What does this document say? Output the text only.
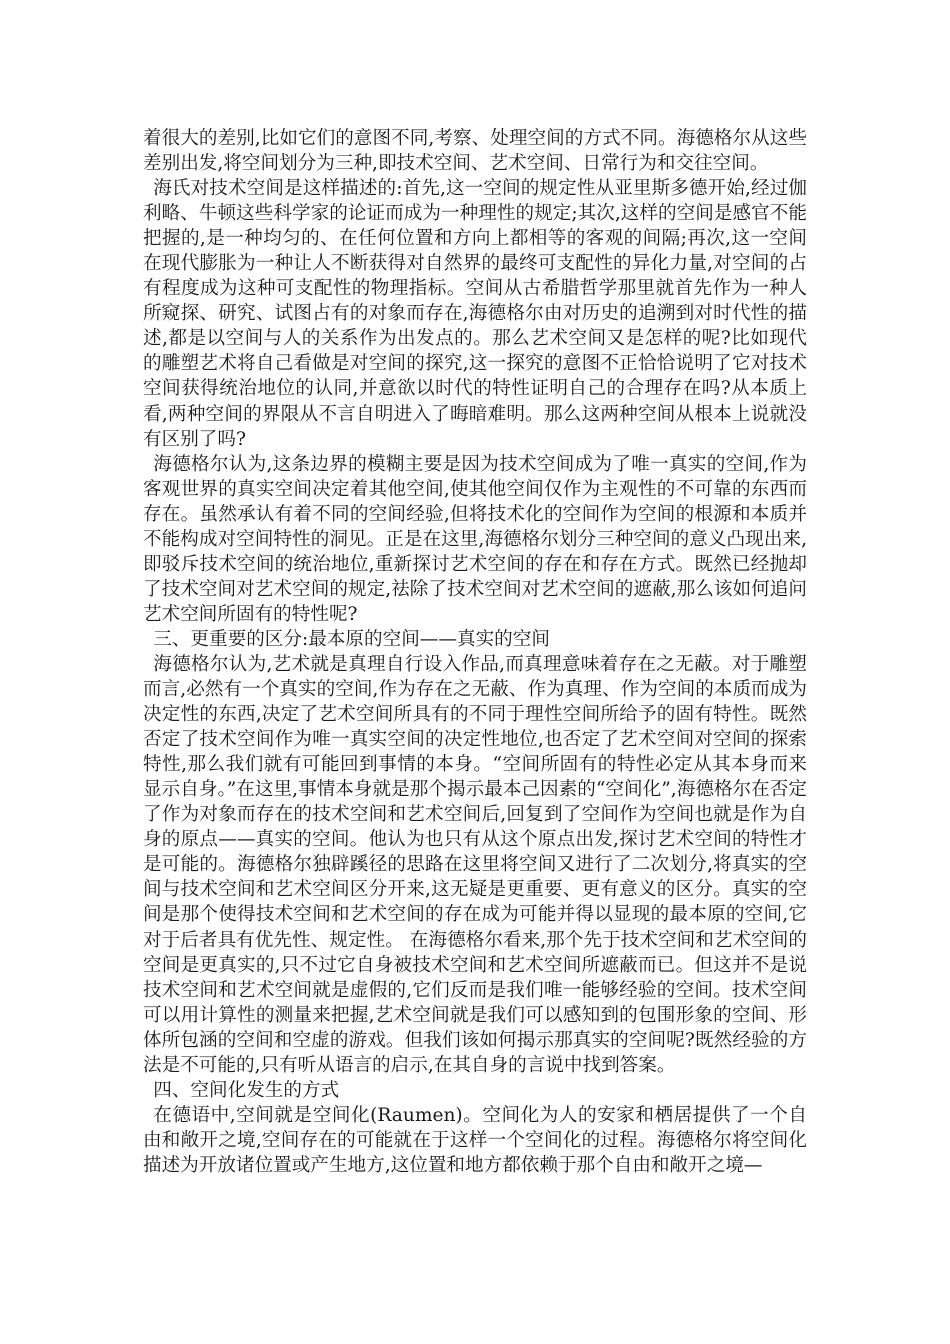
着很大的差别,比如它们的意图不同,考察、处理空间的方式不同。海德格尔从这些差别出发,将空间划分为三种,即技术空间、艺术空间、日常行为和交往空间。

海氏对技术空间是这样描述的:首先,这一空间的规定性从亚里斯多德开始,经过伽利略、牛顿这些科学家的论证而成为一种理性的规定;其次,这样的空间是感官不能把握的,是一种均匀的、在任何位置和方向上都相等的客观的间隔;再次,这一空间在现代膨胀为一种让人不断获得对自然界的最终可支配性的异化力量,对空间的占有程度成为这种可支配性的物理指标。空间从古希腊哲学那里就首先作为一种人所窥探、研究、试图占有的对象而存在,海德格尔由对历史的追溯到对时代性的描述,都是以空间与人的关系作为出发点的。那么艺术空间又是怎样的呢?比如现代的雕塑艺术将自己看做是对空间的探究,这一探究的意图不正恰恰说明了它对技术空间获得统治地位的认同,并意欲以时代的特性证明自己的合理存在吗?从本质上看,两种空间的界限从不言自明进入了晦暗难明。那么这两种空间从根本上说就没有区别了吗?

海德格尔认为,这条边界的模糊主要是因为技术空间成为了唯一真实的空间,作为客观世界的真实空间决定着其他空间,使其他空间仅作为主观性的不可靠的东西而存在。虽然承认有着不同的空间经验,但将技术化的空间作为空间的根源和本质并不能构成对空间特性的洞见。正是在这里,海德格尔划分三种空间的意义凸现出来,即驳斥技术空间的统治地位,重新探讨艺术空间的存在和存在方式。既然已经抛却了技术空间对艺术空间的规定,祛除了技术空间对艺术空间的遮蔽,那么该如何追问艺术空间所固有的特性呢?

三、更重要的区分:最本原的空间——真实的空间

海德格尔认为,艺术就是真理自行设入作品,而真理意味着存在之无蔽。对于雕塑而言,必然有一个真实的空间,作为存在之无蔽、作为真理、作为空间的本质而成为决定性的东西,决定了艺术空间所具有的不同于理性空间所给予的固有特性。既然否定了技术空间作为唯一真实空间的决定性地位,也否定了艺术空间对空间的探索特性,那么我们就有可能回到事情的本身。“空间所固有的特性必定从其本身而来显示自身。”在这里,事情本身就是那个揭示最本己因素的“空间化”,海德格尔在否定了作为对象而存在的技术空间和艺术空间后,回复到了空间作为空间也就是作为自身的原点——真实的空间。他认为也只有从这个原点出发,探讨艺术空间的特性才是可能的。海德格尔独辟蹊径的思路在这里将空间又进行了二次划分,将真实的空间与技术空间和艺术空间区分开来,这无疑是更重要、更有意义的区分。真实的空间是那个使得技术空间和艺术空间的存在成为可能并得以显现的最本原的空间,它对于后者具有优先性、规定性。 在海德格尔看来,那个先于技术空间和艺术空间的空间是更真实的,只不过它自身被技术空间和艺术空间所遮蔽而已。但这并不是说技术空间和艺术空间就是虚假的,它们反而是我们唯一能够经验的空间。技术空间可以用计算性的测量来把握,艺术空间就是我们可以感知到的包围形象的空间、形体所包涵的空间和空虚的游戏。但我们该如何揭示那真实的空间呢?既然经验的方法是不可能的,只有听从语言的启示,在其自身的言说中找到答案。

四、空间化发生的方式

在德语中,空间就是空间化(Raumen)。空间化为人的安家和栖居提供了一个自由和敞开之境,空间存在的可能就在于这样一个空间化的过程。海德格尔将空间化描述为开放诸位置或产生地方,这位置和地方都依赖于那个自由和敞开之境—
